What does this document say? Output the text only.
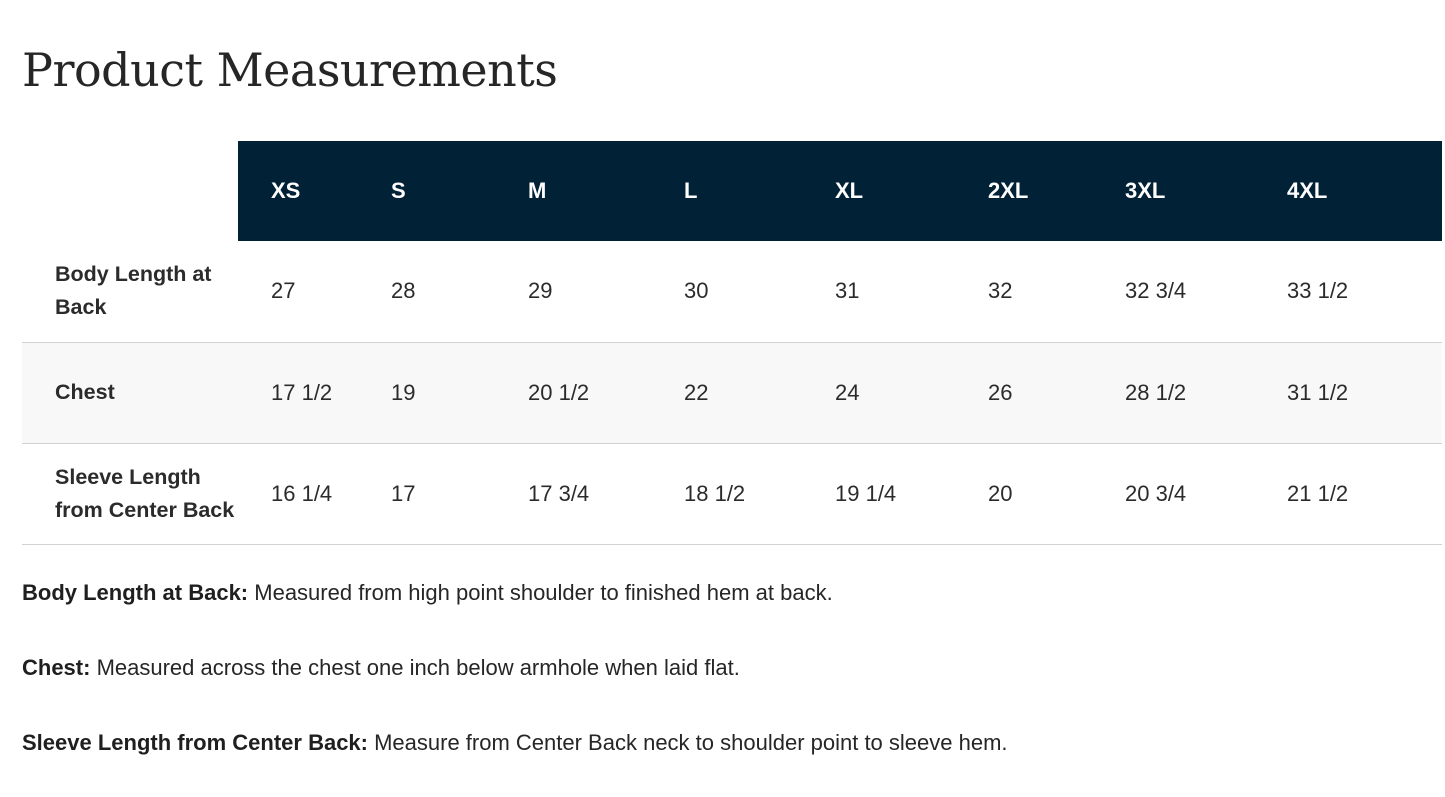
Product Measurements
	XS	S	M	L	XL	2XL	3XL	4XL
Body Length at Back	27	28	29	30	31	32	32 3/4	33 1/2
Chest	17 1/2	19	20 1/2	22	24	26	28 1/2	31 1/2
Sleeve Length from Center Back	16 1/4	17	17 3/4	18 1/2	19 1/4	20	20 3/4	21 1/2

Body Length at Back: Measured from high point shoulder to finished hem at back.

Chest: Measured across the chest one inch below armhole when laid flat.

Sleeve Length from Center Back: Measure from Center Back neck to shoulder point to sleeve hem.
